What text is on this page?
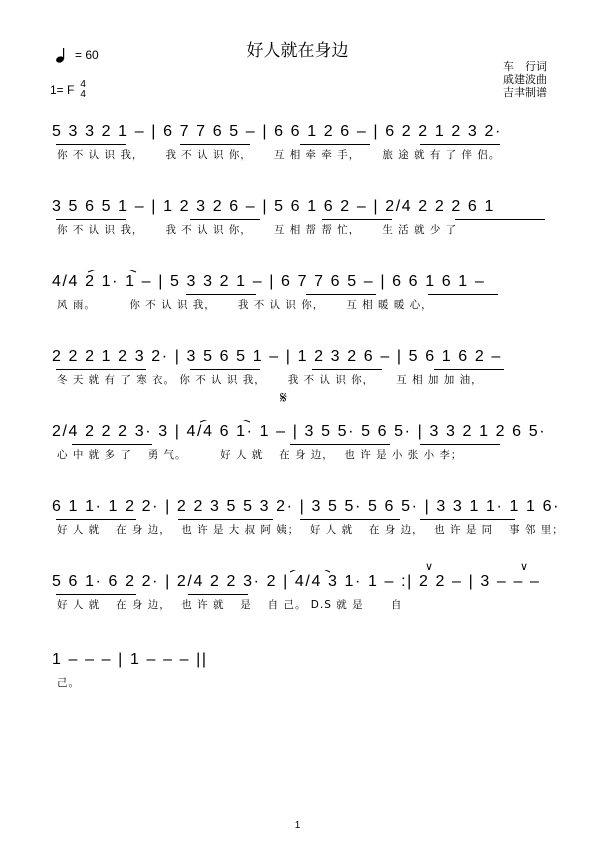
好人就在身边
= 60
1= F 4
4
车　行词
戚建波曲
吉聿制谱
5 3 3 2 1 – | 6 7 7 6 5 – | 6 6 1 2 6 – | 6 2 2 1 2 3 2·
你 不 认 识 我，　　 我 不 认 识 你，　　 互 相 牵 牵 手，　　 旅 途 就 有 了 伴 侣。
3 5 6 5 1 – | 1 2 3 2 6 – | 5 6 1 6 2 – | 2/4 2 2 2 6 1
你 不 认 识 我，　　 我 不 认 识 你，　　 互 相 帮 帮 忙，　　 生 活 就 少 了
4/4 2 1· 1 – | 5 3 3 2 1 – | 6 7 7 6 5 – | 6 6 1 6 1 –
风 雨。　　　 你 不 认 识 我，　　 我 不 认 识 你，　　 互 相 暖 暖 心，
2 2 2 1 2 3 2· | 3 5 6 5 1 – | 1 2 3 2 6 – | 5 6 1 6 2 –
冬 天 就 有 了 寒 衣。 你 不 认 识 我，　　 我 不 认 识 你，　　 互 相 加 加 油，
𝄋
2/4 2 2 2 3· 3 | 4/4 6 1· 1 – | 3 5 5· 5 6 5· | 3 3 2 1 2 6 5·
心 中 就 多 了　 勇 气。　　　 好 人 就　 在 身 边，　 也 许 是 小 张 小 李；
6 1 1· 1 2 2· | 2 2 3 5 5 3 2· | 3 5 5· 5 6 5· | 3 3 1 1· 1 1 6·
好 人 就　 在 身 边，　 也 许 是 大 叔 阿 姨；　 好 人 就　 在 身 边，　 也 许 是 同　 事 邻 里；
5 6 1· 6 2 2· | 2/4 2 2 3· 2 | 4/4 3 1· 1 – :| 2 2 – | 3 – – –
好 人 就　 在 身 边，　 也 许 就　 是　 自 己。 D.S 就 是　　 自
∨	∨
1 – – – | 1 – – – ||
己。
1
